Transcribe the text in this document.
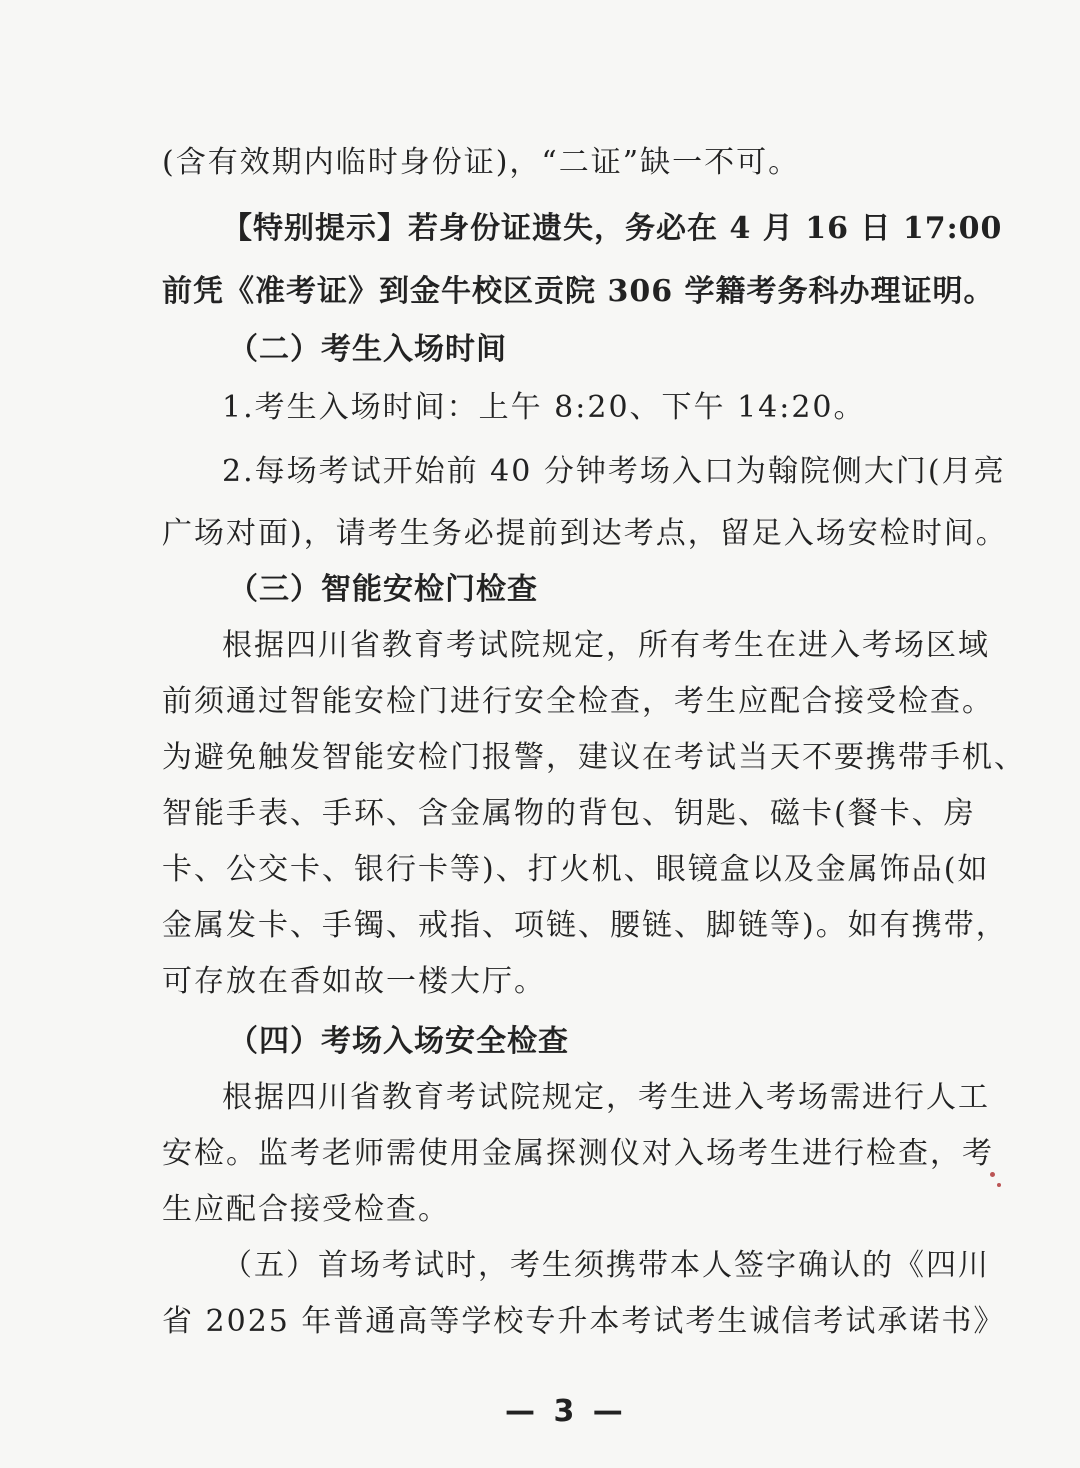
(含有效期内临时身份证)，“二证”缺一不可。
【特别提示】若身份证遗失，务必在 4 月 16 日 17:00
前凭《准考证》到金牛校区贡院 306 学籍考务科办理证明。
（二）考生入场时间
1.考生入场时间：上午 8:20、下午 14:20。
2.每场考试开始前 40 分钟考场入口为翰院侧大门(月亮
广场对面)，请考生务必提前到达考点，留足入场安检时间。
（三）智能安检门检查
根据四川省教育考试院规定，所有考生在进入考场区域
前须通过智能安检门进行安全检查，考生应配合接受检查。
为避免触发智能安检门报警，建议在考试当天不要携带手机、
智能手表、手环、含金属物的背包、钥匙、磁卡(餐卡、房
卡、公交卡、银行卡等)、打火机、眼镜盒以及金属饰品(如
金属发卡、手镯、戒指、项链、腰链、脚链等)。如有携带，
可存放在香如故一楼大厅。
（四）考场入场安全检查
根据四川省教育考试院规定，考生进入考场需进行人工
安检。监考老师需使用金属探测仪对入场考生进行检查，考
生应配合接受检查。
（五）首场考试时，考生须携带本人签字确认的《四川
省 2025 年普通高等学校专升本考试考生诚信考试承诺书》
— 3 —
